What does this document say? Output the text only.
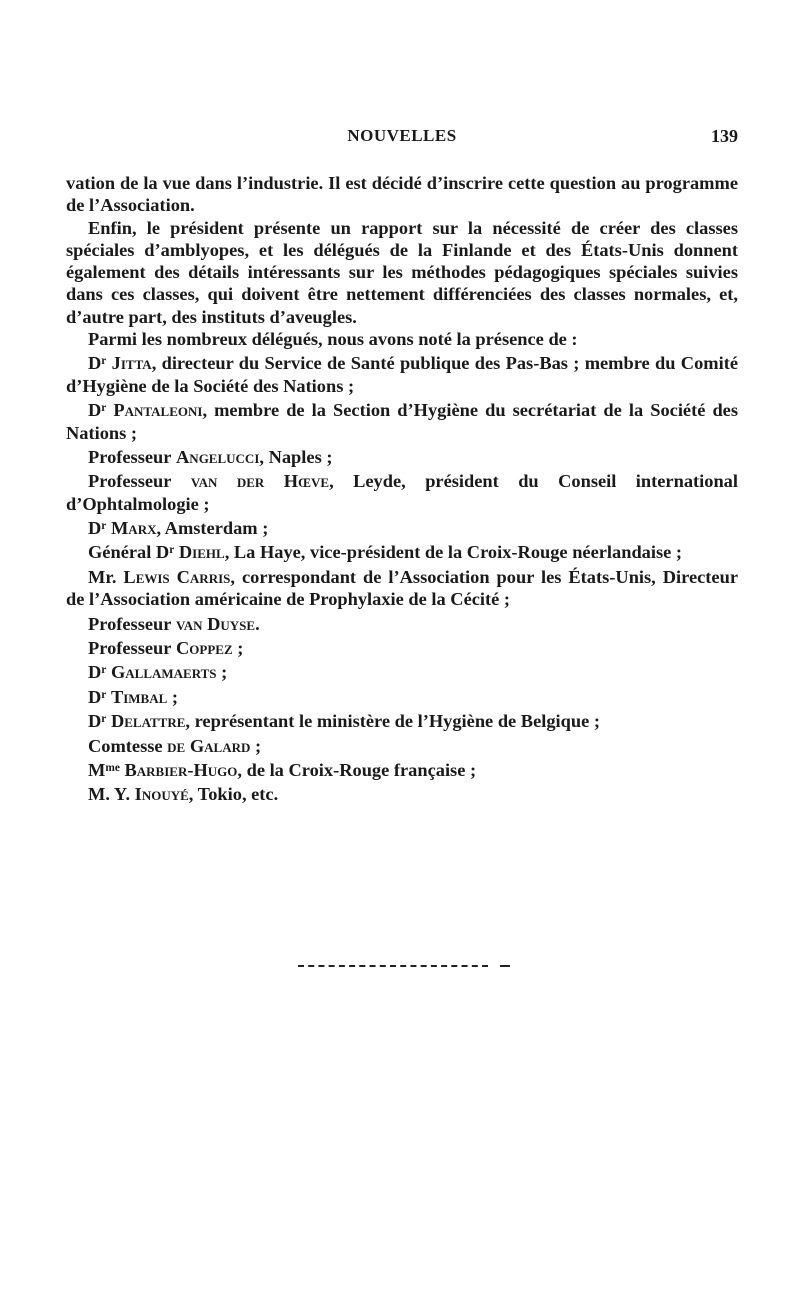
NOUVELLES	139

vation de la vue dans l’industrie. Il est décidé d’inscrire cette question au programme de l’Association.

Enfin, le président présente un rapport sur la nécessité de créer des classes spéciales d’amblyopes, et les délégués de la Finlande et des États-Unis donnent également des détails intéressants sur les méthodes pédagogiques spéciales suivies dans ces classes, qui doivent être nettement différenciées des classes normales, et, d’autre part, des instituts d’aveugles.

Parmi les nombreux délégués, nous avons noté la présence de :

$D^r$ Jitta, directeur du Service de Santé publique des Pas-Bas ; membre du Comité d’Hygiène de la Société des Nations ;

$D^r$ Pantaleoni, membre de la Section d’Hygiène du secrétariat de la Société des Nations ;

Professeur Angelucci, Naples ;

Professeur van der Hœve, Leyde, président du Conseil international d’Ophtalmologie ;

$D^r$ Marx, Amsterdam ;

Général $D^r$ Diehl, La Haye, vice-président de la Croix-Rouge néerlandaise ;

Mr. Lewis Carris, correspondant de l’Association pour les États-Unis, Directeur de l’Association américaine de Prophylaxie de la Cécité ;

Professeur van Duyse.

Professeur Coppez ;

$D^r$ Gallamaerts ;

$D^r$ Timbal ;

$D^r$ Delattre, représentant le ministère de l’Hygiène de Belgique ;

Comtesse de Galard ;

$M^{me}$ Barbier-Hugo, de la Croix-Rouge française ;

M. Y. Inouyé, Tokio, etc.
